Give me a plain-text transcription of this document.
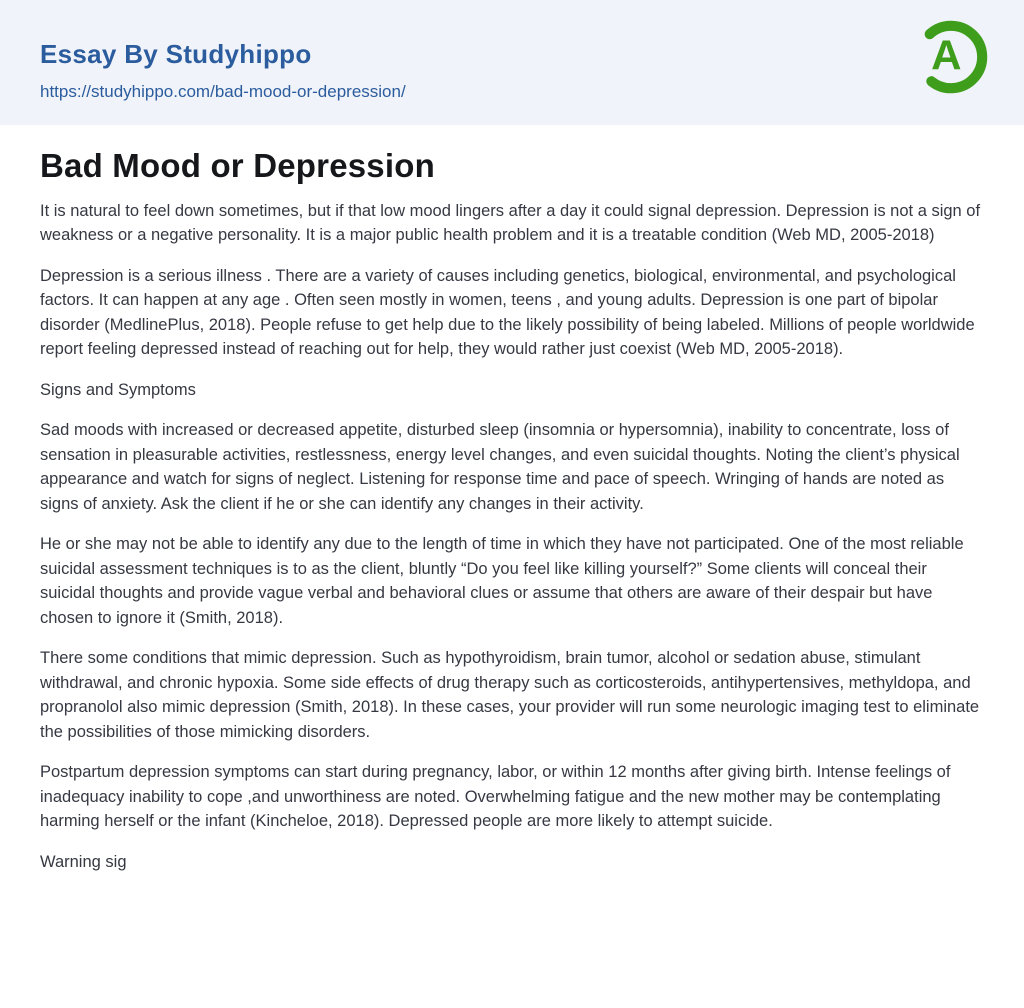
Essay By Studyhippo
https://studyhippo.com/bad-mood-or-depression/
A
Bad Mood or Depression

It is natural to feel down sometimes, but if that low mood lingers after a day it could signal depression. Depression is not a sign of weakness or a negative personality. It is a major public health problem and it is a treatable condition (Web MD, 2005-2018)

Depression is a serious illness . There are a variety of causes including genetics, biological, environmental, and psychological factors. It can happen at any age . Often seen mostly in women, teens , and young adults. Depression is one part of bipolar disorder (MedlinePlus, 2018). People refuse to get help due to the likely possibility of being labeled. Millions of people worldwide report feeling depressed instead of reaching out for help, they would rather just coexist (Web MD, 2005-2018).

Signs and Symptoms

Sad moods with increased or decreased appetite, disturbed sleep (insomnia or hypersomnia), inability to concentrate, loss of sensation in pleasurable activities, restlessness, energy level changes, and even suicidal thoughts. Noting the client’s physical appearance and watch for signs of neglect. Listening for response time and pace of speech. Wringing of hands are noted as signs of anxiety. Ask the client if he or she can identify any changes in their activity.

He or she may not be able to identify any due to the length of time in which they have not participated. One of the most reliable suicidal assessment techniques is to as the client, bluntly “Do you feel like killing yourself?” Some clients will conceal their suicidal thoughts and provide vague verbal and behavioral clues or assume that others are aware of their despair but have chosen to ignore it (Smith, 2018).

There some conditions that mimic depression. Such as hypothyroidism, brain tumor, alcohol or sedation abuse, stimulant withdrawal, and chronic hypoxia. Some side effects of drug therapy such as corticosteroids, antihypertensives, methyldopa, and propranolol also mimic depression (Smith, 2018). In these cases, your provider will run some neurologic imaging test to eliminate the possibilities of those mimicking disorders.

Postpartum depression symptoms can start during pregnancy, labor, or within 12 months after giving birth. Intense feelings of inadequacy inability to cope ,and unworthiness are noted. Overwhelming fatigue and the new mother may be contemplating harming herself or the infant (Kincheloe, 2018). Depressed people are more likely to attempt suicide.

Warning sig
